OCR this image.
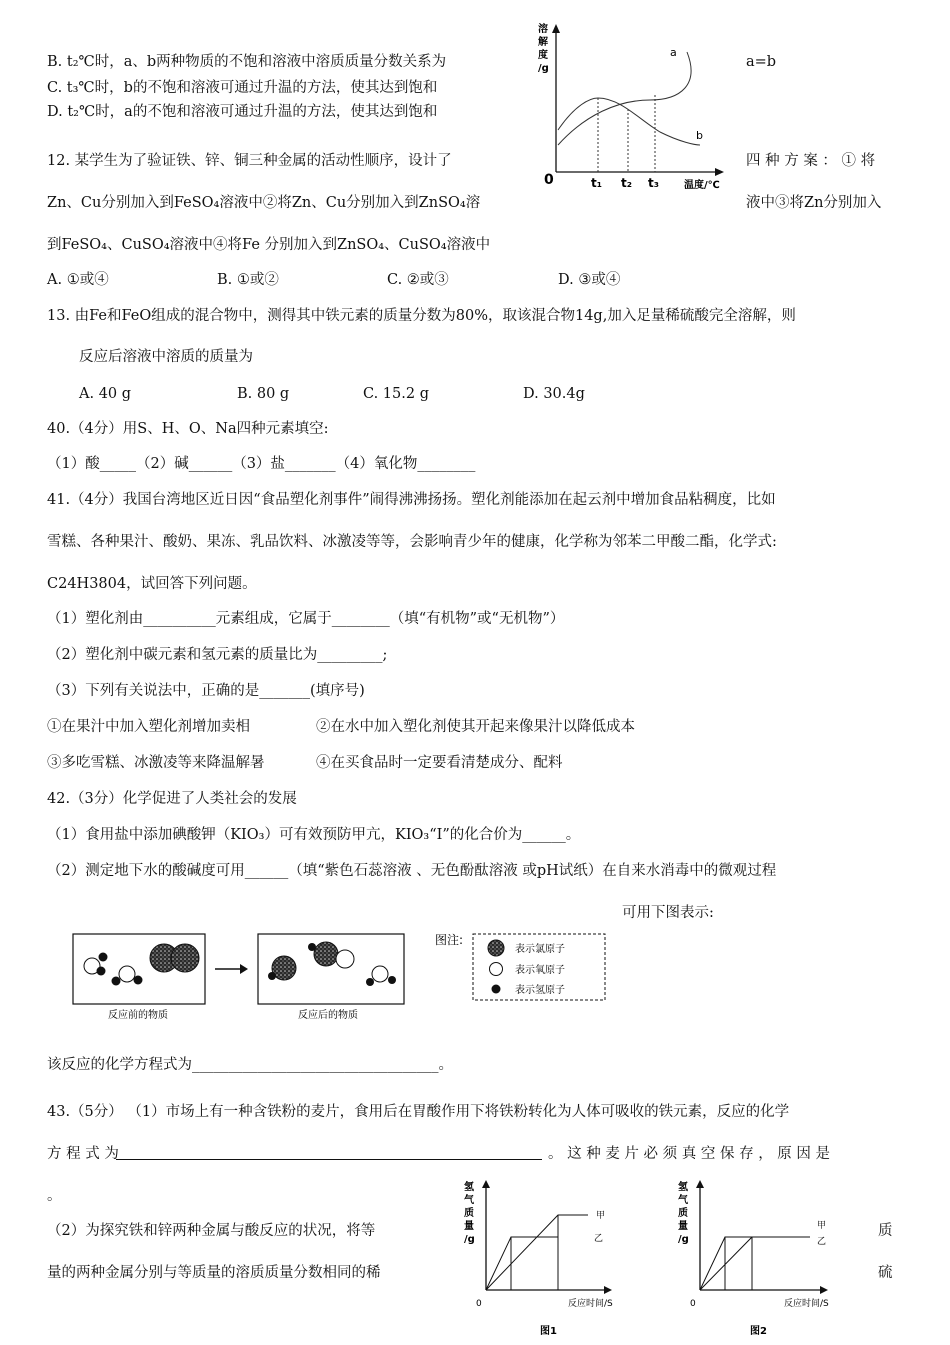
B. t₂℃时，a、b两种物质的不饱和溶液中溶质质量分数关系为	a=b
C. t₃℃时，b的不饱和溶液可通过升温的方法，使其达到饱和
D. t₂℃时，a的不饱和溶液可通过升温的方法，使其达到饱和
12. 某学生为了验证铁、锌、铜三种金属的活动性顺序，设计了	四 种 方 案 ： ① 将
Zn、Cu分别加入到FeSO₄溶液中②将Zn、Cu分别加入到ZnSO₄溶	液中③将Zn分别加入
到FeSO₄、CuSO₄溶液中④将Fe 分别加入到ZnSO₄、CuSO₄溶液中
A. ①或④	B. ①或②	C. ②或③	D. ③或④
13. 由Fe和FeO组成的混合物中，测得其中铁元素的质量分数为80%，取该混合物14g,加入足量稀硫酸完全溶解，则
反应后溶液中溶质的质量为
A. 40 g	B. 80 g	C. 15.2 g	D. 30.4g
40.（4分）用S、H、O、Na四种元素填空:
（1）酸_____（2）碱______（3）盐_______（4）氧化物________
41.（4分）我国台湾地区近日因“食品塑化剂事件”闹得沸沸扬扬。塑化剂能添加在起云剂中增加食品粘稠度，比如
雪糕、各种果汁、酸奶、果冻、乳品饮料、冰激凌等等，会影响青少年的健康，化学称为邻苯二甲酸二酯，化学式:
C24H3804，试回答下列问题。
（1）塑化剂由__________元素组成，它属于________（填“有机物”或“无机物”）
（2）塑化剂中碳元素和氢元素的质量比为_________;
（3）下列有关说法中，正确的是_______(填序号)
①在果汁中加入塑化剂增加卖相	②在水中加入塑化剂使其开起来像果汁以降低成本
③多吃雪糕、冰激凌等来降温解暑	④在买食品时一定要看清楚成分、配料
42.（3分）化学促进了人类社会的发展
（1）食用盐中添加碘酸钾（KIO₃）可有效预防甲亢，KIO₃“I”的化合价为______。
（2）测定地下水的酸碱度可用______（填“紫色石蕊溶液 、无色酚酞溶液 或pH试纸）在自来水消毒中的微观过程
可用下图表示:
该反应的化学方程式为__________________________________。
43.（5分） （1）市场上有一种含铁粉的麦片，食用后在胃酸作用下将铁粉转化为人体可吸收的铁元素，反应的化学
方 程 式 为	。 这 种 麦 片 必 须 真 空 保 存 ， 原 因 是
。
（2）为探究铁和锌两种金属与酸反应的状况，将等	质
量的两种金属分别与等质量的溶质质量分数相同的稀	硫
溶
解
度
/g
0
a
b
t₁ t₂ t₃	温度/℃
反应前的物质	反应后的物质
图注:
表示氯原子
表示氧原子
表示氢原子
氢
气
质
量
/g
甲
乙
0	反应时间/S
图1
氢
气
质
量
/g
甲
乙
0	反应时间/S
图2
